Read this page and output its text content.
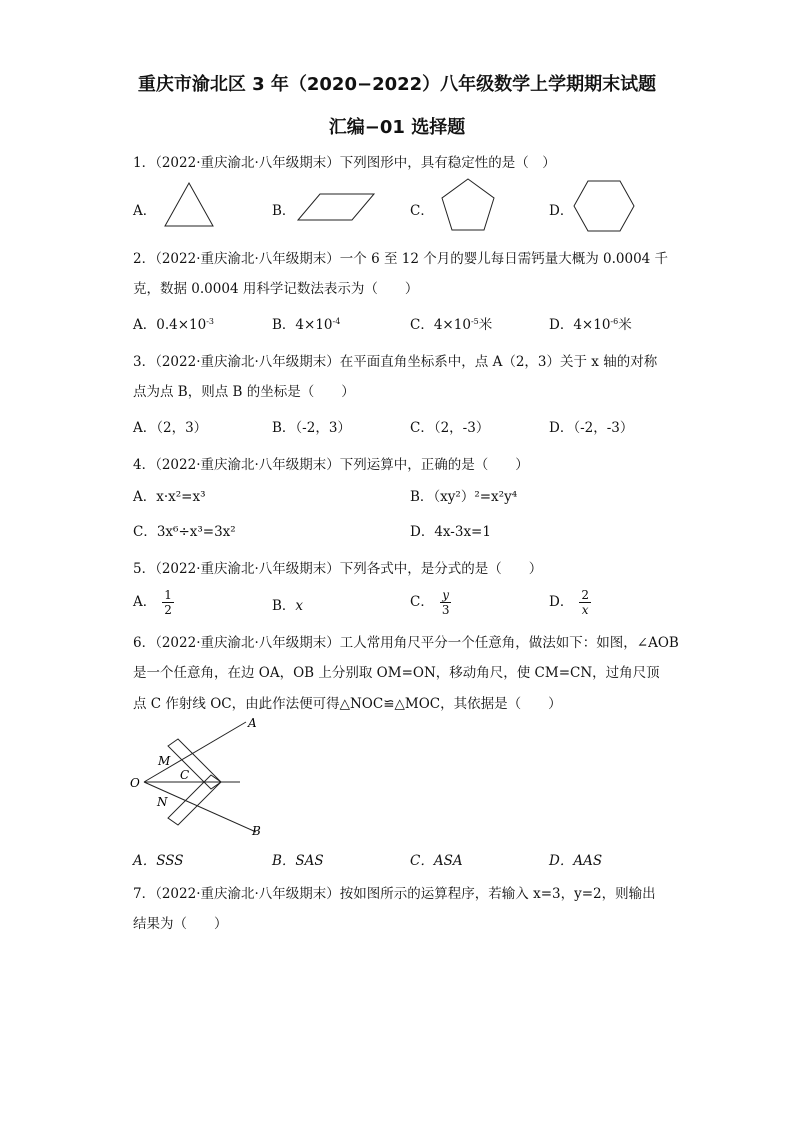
重庆市渝北区 3 年（2020−2022）八年级数学上学期期末试题
汇编−01 选择题
1．（2022·重庆渝北·八年级期末）下列图形中，具有稳定性的是（　）
A．	B．	C．	D．
2．（2022·重庆渝北·八年级期末）一个 6 至 12 个月的婴儿每日需钙量大概为 0.0004 千
克，数据 0.0004 用科学记数法表示为（　　）
A．$0.4\times 10^{-3}$	B．$4\times 10^{-4}$	C．$4\times 10^{-5}$米	D．$4\times 10^{-6}$米
3．（2022·重庆渝北·八年级期末）在平面直角坐标系中，点 A（2，3）关于 x 轴的对称
点为点 B，则点 B 的坐标是（　　）
A．（2，3）	B．（-2，3）	C．（2，-3）	D．（-2，-3）
4．（2022·重庆渝北·八年级期末）下列运算中，正确的是（　　）
A．x·x²=x³	B．（xy²）²=x²y⁴
C．3x⁶÷x³=3x²	D．4x-3x=1
5．（2022·重庆渝北·八年级期末）下列各式中，是分式的是（　　）
A． $\frac{1}{2}$	B．x	C． $\frac{y}{3}$	D． $\frac{2}{x}$
6．（2022·重庆渝北·八年级期末）工人常用角尺平分一个任意角，做法如下：如图，∠AOB
是一个任意角，在边 OA，OB 上分别取 OM=ON，移动角尺，使 CM=CN，过角尺顶
点 C 作射线 OC，由此作法便可得△NOC≌△MOC，其依据是（　　）
A
B
O
M
N
C
A．SSS	B．SAS	C．ASA	D．AAS
7．（2022·重庆渝北·八年级期末）按如图所示的运算程序，若输入 x=3，y=2，则输出
结果为（　　）
